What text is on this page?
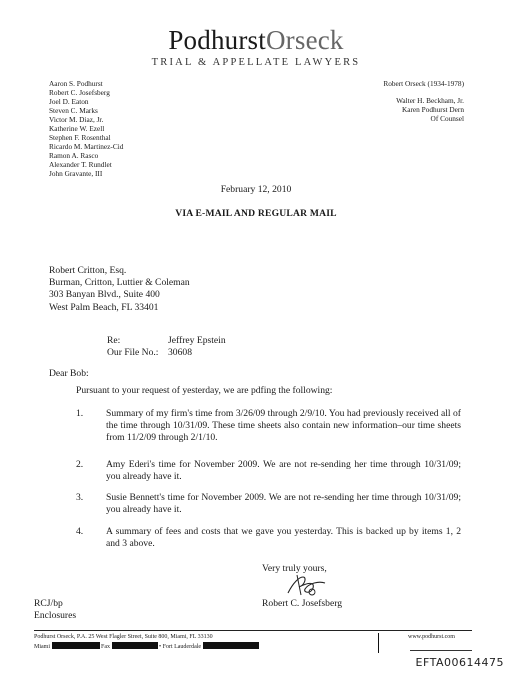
PodhurstOrseck
TRIAL & APPELLATE LAWYERS
Aaron S. Podhurst
Robert C. Josefsberg
Joel D. Eaton
Steven C. Marks
Victor M. Diaz, Jr.
Katherine W. Ezell
Stephen F. Rosenthal
Ricardo M. Martinez-Cid
Ramon A. Rasco
Alexander T. Rundlet
John Gravante, III
Robert Orseck (1934-1978)
Walter H. Beckham, Jr.
Karen Podhurst Dern
Of Counsel
February 12, 2010
VIA E-MAIL AND REGULAR MAIL
Robert Critton, Esq.
Burman, Critton, Luttier & Coleman
303 Banyan Blvd., Suite 400
West Palm Beach, FL 33401
Re:	Jeffrey Epstein
Our File No.:	30608
Dear Bob:
Pursuant to your request of yesterday, we are pdfing the following:
1. Summary of my firm's time from 3/26/09 through 2/9/10. You had previously received all of the time through 10/31/09. These time sheets also contain new information–our time sheets from 11/2/09 through 2/1/10.
2. Amy Ederi's time for November 2009. We are not re-sending her time through 10/31/09; you already have it.
3. Susie Bennett's time for November 2009. We are not re-sending her time through 10/31/09; you already have it.
4. A summary of fees and costs that we gave you yesterday. This is backed up by items 1, 2 and 3 above.
Very truly yours,
Robert C. Josefsberg
RCJ/bp
Enclosures
Podhurst Orseck, P.A. 25 West Flagler Street, Suite 800, Miami, FL 33130
Miami	Fax	• Fort Lauderdale
www.podhurst.com
EFTA00614475
